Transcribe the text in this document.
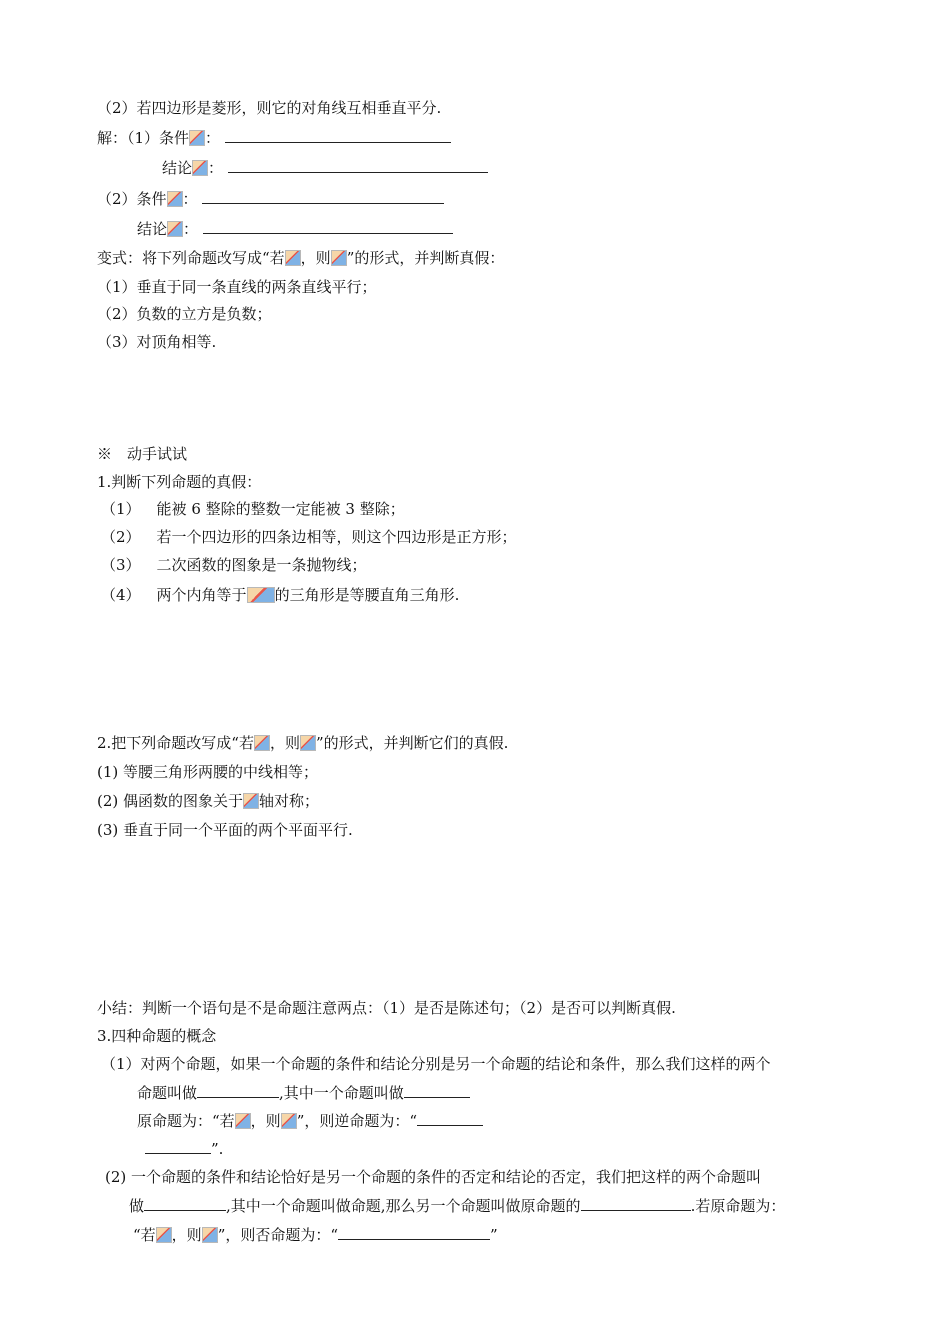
（2）若四边形是菱形，则它的对角线互相垂直平分.
解：（1）条件 ：
结论 ：
（2）条件 ：
结论 ：
变式：将下列命题改写成“若 ，则 ”的形式，并判断真假：
（1）垂直于同一条直线的两条直线平行；
（2）负数的立方是负数；
（3）对顶角相等.
※　动手试试
1.判断下列命题的真假：
（1） 能被 6 整除的整数一定能被 3 整除；
（2） 若一个四边形的四条边相等，则这个四边形是正方形；
（3） 二次函数的图象是一条抛物线；
（4） 两个内角等于 的三角形是等腰直角三角形.
2.把下列命题改写成“若 ，则 ”的形式，并判断它们的真假.
(1) 等腰三角形两腰的中线相等；
(2) 偶函数的图象关于 轴对称；
(3) 垂直于同一个平面的两个平面平行.
小结：判断一个语句是不是命题注意两点：（1）是否是陈述句；（2）是否可以判断真假.
3.四种命题的概念
（1）对两个命题，如果一个命题的条件和结论分别是另一个命题的结论和条件，那么我们这样的两个
命题叫做	,其中一个命题叫做
原命题为：“若 ，则 ”，则逆命题为：“
”.
(2) 一个命题的条件和结论恰好是另一个命题的条件的否定和结论的否定，我们把这样的两个命题叫
做	,其中一个命题叫做命题,那么另一个命题叫做原命题的	.若原命题为：
“若 ，则 ”，则否命题为：“	”
